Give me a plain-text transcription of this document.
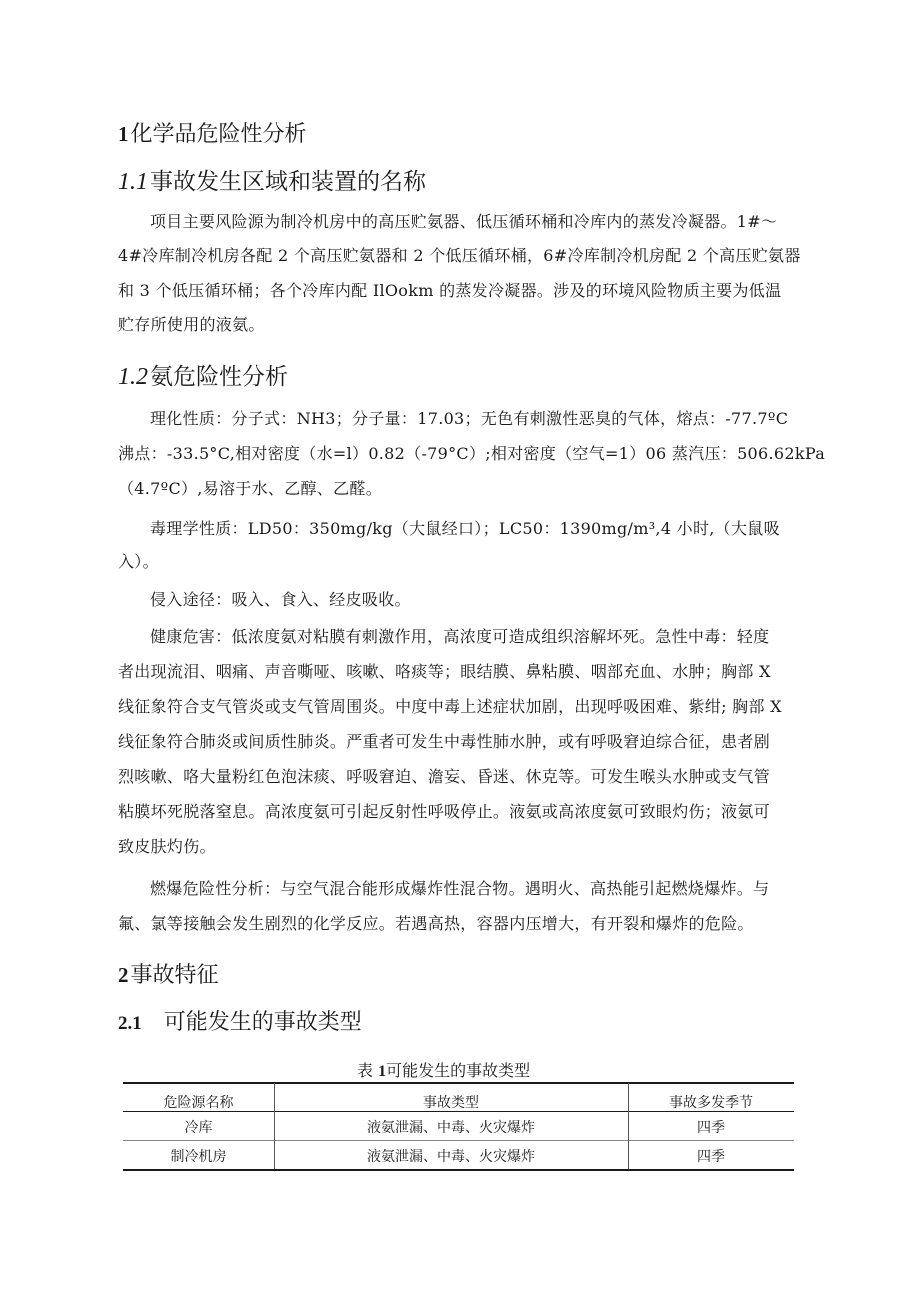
1化学品危险性分析
1.1事故发生区域和装置的名称

项目主要风险源为制冷机房中的高压贮氨器、低压循环桶和冷库内的蒸发冷凝器。1#～

4#冷库制冷机房各配 2 个高压贮氨器和 2 个低压循环桶，6#冷库制冷机房配 2 个高压贮氨器

和 3 个低压循环桶；各个冷库内配 IlOokm 的蒸发冷凝器。涉及的环境风险物质主要为低温

贮存所使用的液氨。

1.2氨危险性分析

理化性质：分子式：NH3；分子量：17.03；无色有刺激性恶臭的气体，熔点：-77.7ºC

沸点：-33.5°C,相对密度（水=l）0.82（-79°C）;相对密度（空气=1）06 蒸汽压：506.62kPa

（4.7ºC）,易溶于水、乙醇、乙醛。

毒理学性质：LD50：350mg/kg（大鼠经口）；LC50：1390mg/m³,4 小时,（大鼠吸

入）。

侵入途径：吸入、食入、经皮吸收。

健康危害：低浓度氨对粘膜有刺激作用，高浓度可造成组织溶解坏死。急性中毒：轻度

者出现流泪、咽痛、声音嘶哑、咳嗽、咯痰等；眼结膜、鼻粘膜、咽部充血、水肿；胸部 X

线征象符合支气管炎或支气管周围炎。中度中毒上述症状加剧，出现呼吸困难、紫绀; 胸部 X

线征象符合肺炎或间质性肺炎。严重者可发生中毒性肺水肿，或有呼吸窘迫综合征，患者剧

烈咳嗽、咯大量粉红色泡沫痰、呼吸窘迫、澹妄、昏迷、休克等。可发生喉头水肿或支气管

粘膜坏死脱落窒息。高浓度氨可引起反射性呼吸停止。液氨或高浓度氨可致眼灼伤；液氨可

致皮肤灼伤。

燃爆危险性分析：与空气混合能形成爆炸性混合物。遇明火、高热能引起燃烧爆炸。与

氟、氯等接触会发生剧烈的化学反应。若遇高热，容器内压增大，有开裂和爆炸的危险。

2事故特征
2.1 可能发生的事故类型
表 1可能发生的事故类型
危险源名称	事故类型	事故多发季节
冷库	液氨泄漏、中毒、火灾爆炸	四季
制冷机房	液氨泄漏、中毒、火灾爆炸	四季
